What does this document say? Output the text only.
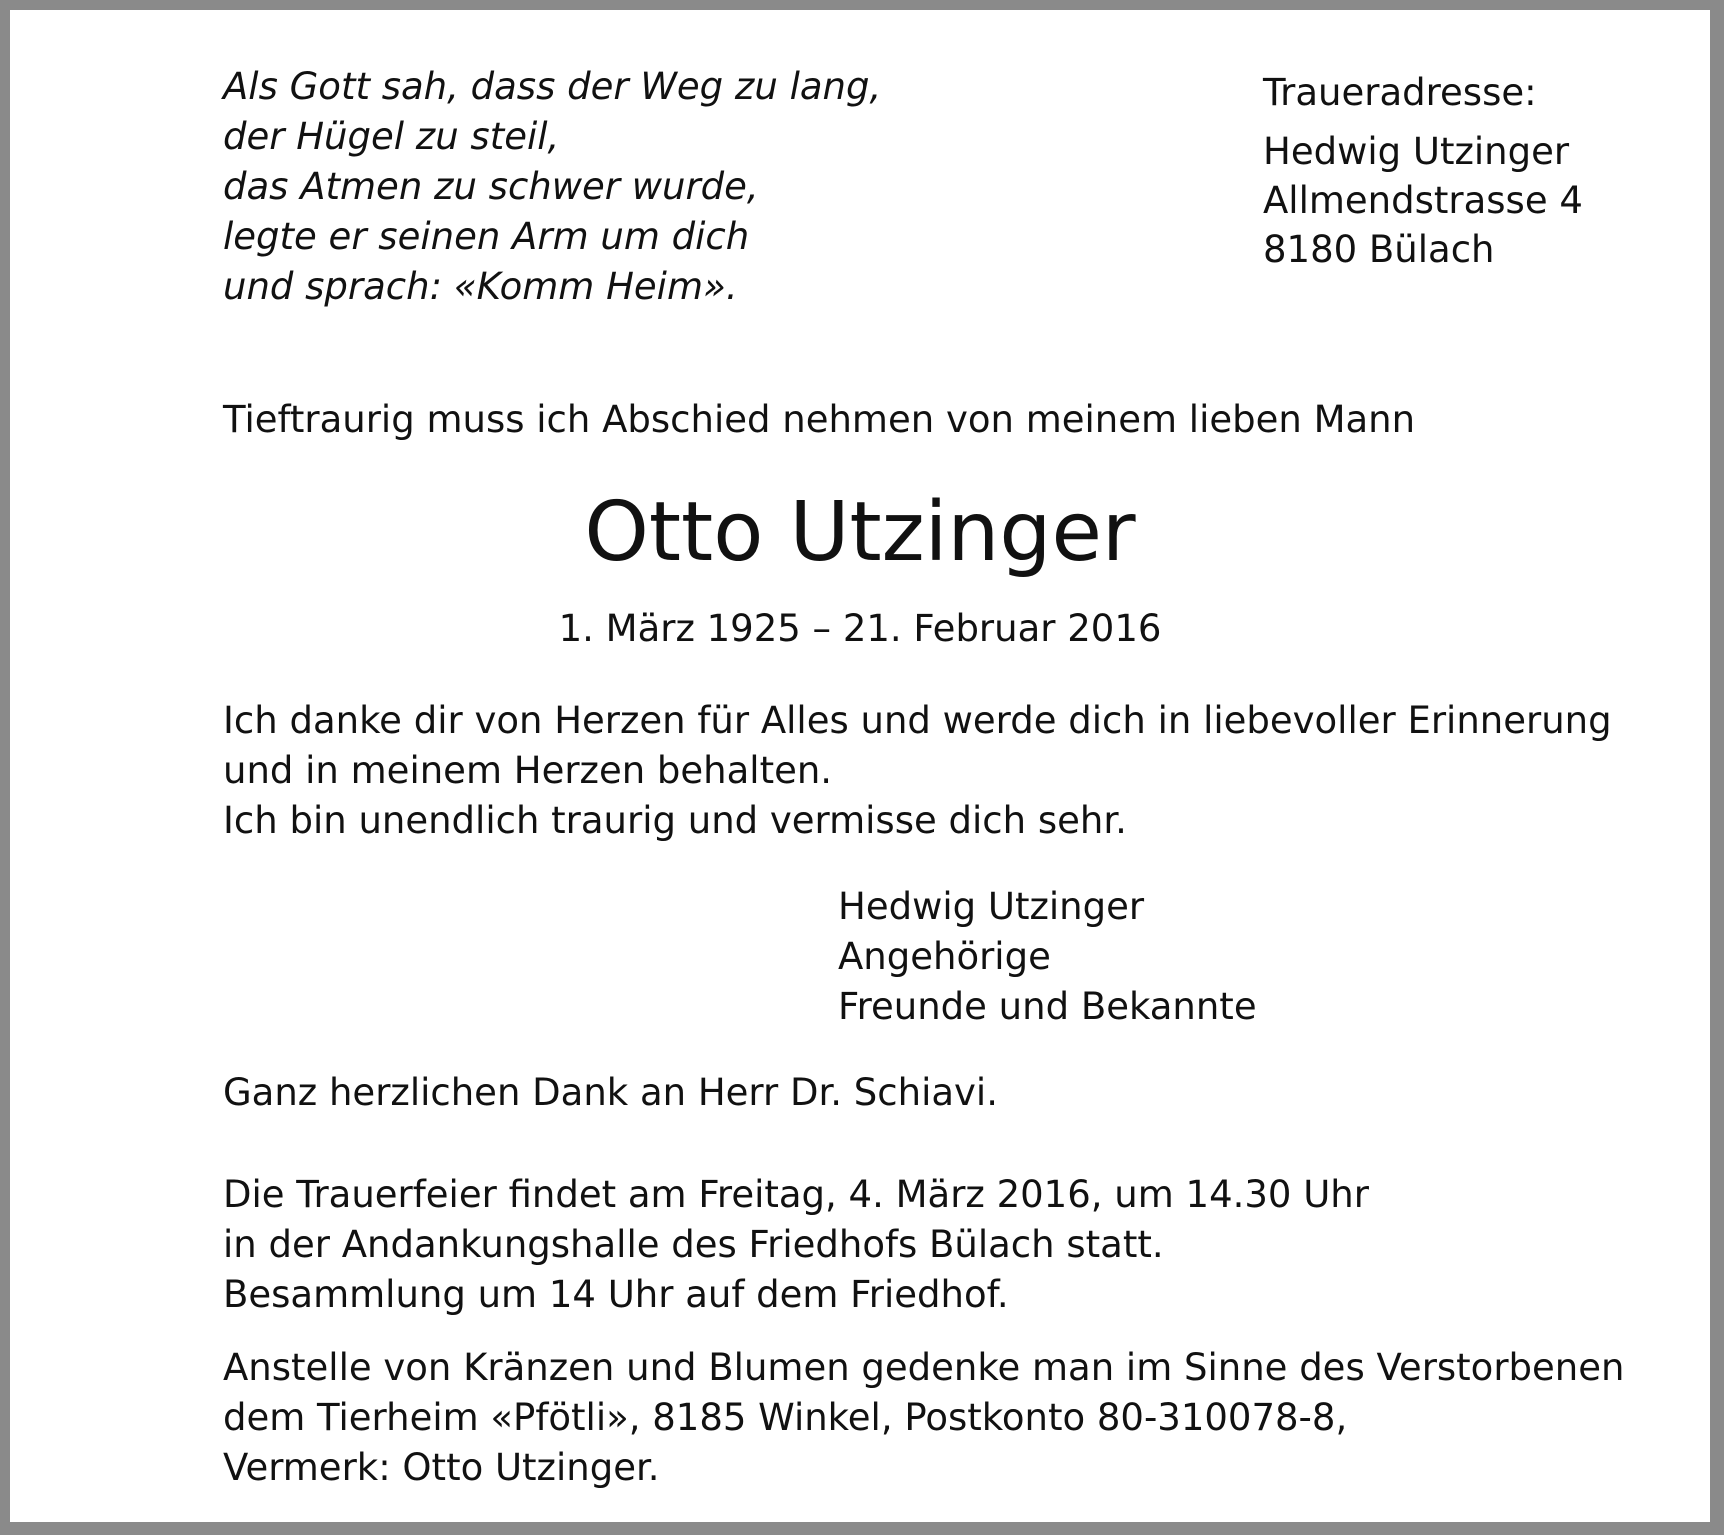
Als Gott sah, dass der Weg zu lang,
der Hügel zu steil,
das Atmen zu schwer wurde,
legte er seinen Arm um dich
und sprach: «Komm Heim».
Traueradresse:
Hedwig Utzinger
Allmendstrasse 4
8180 Bülach
Tieftraurig muss ich Abschied nehmen von meinem lieben Mann
Otto Utzinger
1. März 1925 – 21. Februar 2016
Ich danke dir von Herzen für Alles und werde dich in liebevoller Erinnerung
und in meinem Herzen behalten.
Ich bin unendlich traurig und vermisse dich sehr.
Hedwig Utzinger
Angehörige
Freunde und Bekannte
Ganz herzlichen Dank an Herr Dr. Schiavi.
Die Trauerfeier findet am Freitag, 4. März 2016, um 14.30 Uhr
in der Andankungshalle des Friedhofs Bülach statt.
Besammlung um 14 Uhr auf dem Friedhof.
Anstelle von Kränzen und Blumen gedenke man im Sinne des Verstorbenen
dem Tierheim «Pfötli», 8185 Winkel, Postkonto 80-310078-8,
Vermerk: Otto Utzinger.
